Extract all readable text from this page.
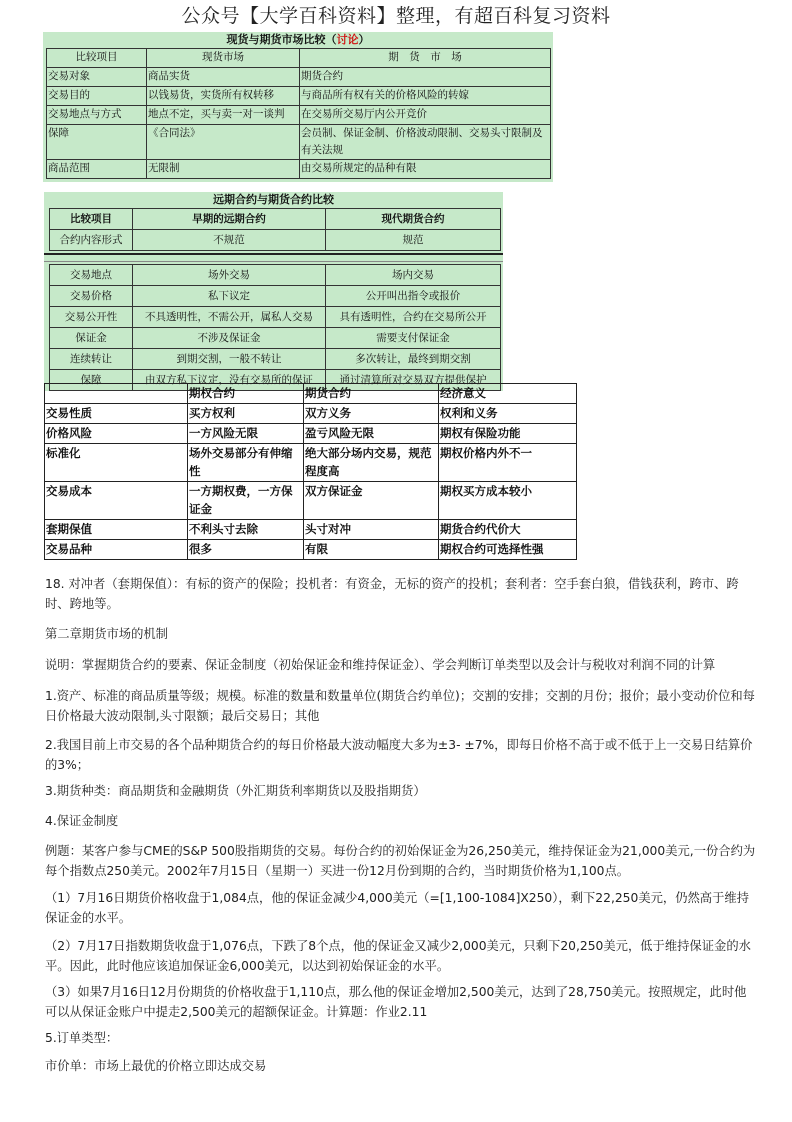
公众号【大学百科资料】整理，有超百科复习资料
现货与期货市场比较（讨论）
比较项目	现货市场	期　货　市　场
交易对象	商品实货	期货合约
交易目的	以钱易货，实货所有权转移	与商品所有权有关的价格风险的转嫁
交易地点与方式	地点不定，买与卖一对一谈判	在交易所交易厅内公开竞价
保障	《合同法》	会员制、保证金制、价格波动限制、交易头寸限制及有关法规
商品范围	无限制	由交易所规定的品种有限
远期合约与期货合约比较
比较项目	早期的远期合约	现代期货合约
合约内容形式	不规范	规范
交易地点	场外交易	场内交易
交易价格	私下议定	公开叫出指令或报价
交易公开性	不具透明性，不需公开，属私人交易	具有透明性，合约在交易所公开
保证金	不涉及保证金	需要支付保证金
连续转让	到期交割，一般不转让	多次转让，最终到期交割
保障	由双方私下议定，没有交易所的保证	通过清算所对交易双方提供保护
	期权合约	期货合约	经济意义
交易性质	买方权利	双方义务	权利和义务
价格风险	一方风险无限	盈亏风险无限	期权有保险功能
标准化	场外交易部分有伸缩性	绝大部分场内交易，规范程度高	期权价格内外不一
交易成本	一方期权费，一方保证金	双方保证金	期权买方成本较小
套期保值	不利头寸去除	头寸对冲	期货合约代价大
交易品种	很多	有限	期权合约可选择性强

18. 对冲者（套期保值）：有标的资产的保险；投机者：有资金，无标的资产的投机；套利者：空手套白狼，借钱获利，跨市、跨时、跨地等。

第二章期货市场的机制

说明：掌握期货合约的要素、保证金制度（初始保证金和维持保证金）、学会判断订单类型以及会计与税收对利润不同的计算

1.资产、标准的商品质量等级；规模。标准的数量和数量单位(期货合约单位)；交割的安排；交割的月份；报价；最小变动价位和每日价格最大波动限制,头寸限额；最后交易日；其他

2.我国目前上市交易的各个品种期货合约的每日价格最大波动幅度大多为±3- ±7%，即每日价格不高于或不低于上一交易日结算价的3%；

3.期货种类：商品期货和金融期货（外汇期货利率期货以及股指期货）

4.保证金制度

例题：某客户参与CME的S&P 500股指期货的交易。每份合约的初始保证金为26,250美元，维持保证金为21,000美元,一份合约为每个指数点250美元。2002年7月15日（星期一）买进一份12月份到期的合约，当时期货价格为1,100点。

（1）7月16日期货价格收盘于1,084点，他的保证金减少4,000美元（=[1,100-1084]X250），剩下22,250美元，仍然高于维持保证金的水平。

（2）7月17日指数期货收盘于1,076点，下跌了8个点，他的保证金又减少2,000美元，只剩下20,250美元，低于维持保证金的水平。因此，此时他应该追加保证金6,000美元，以达到初始保证金的水平。

（3）如果7月16日12月份期货的价格收盘于1,110点，那么他的保证金增加2,500美元，达到了28,750美元。按照规定，此时他可以从保证金账户中提走2,500美元的超额保证金。计算题：作业2.11

5.订单类型：

市价单：市场上最优的价格立即达成交易
